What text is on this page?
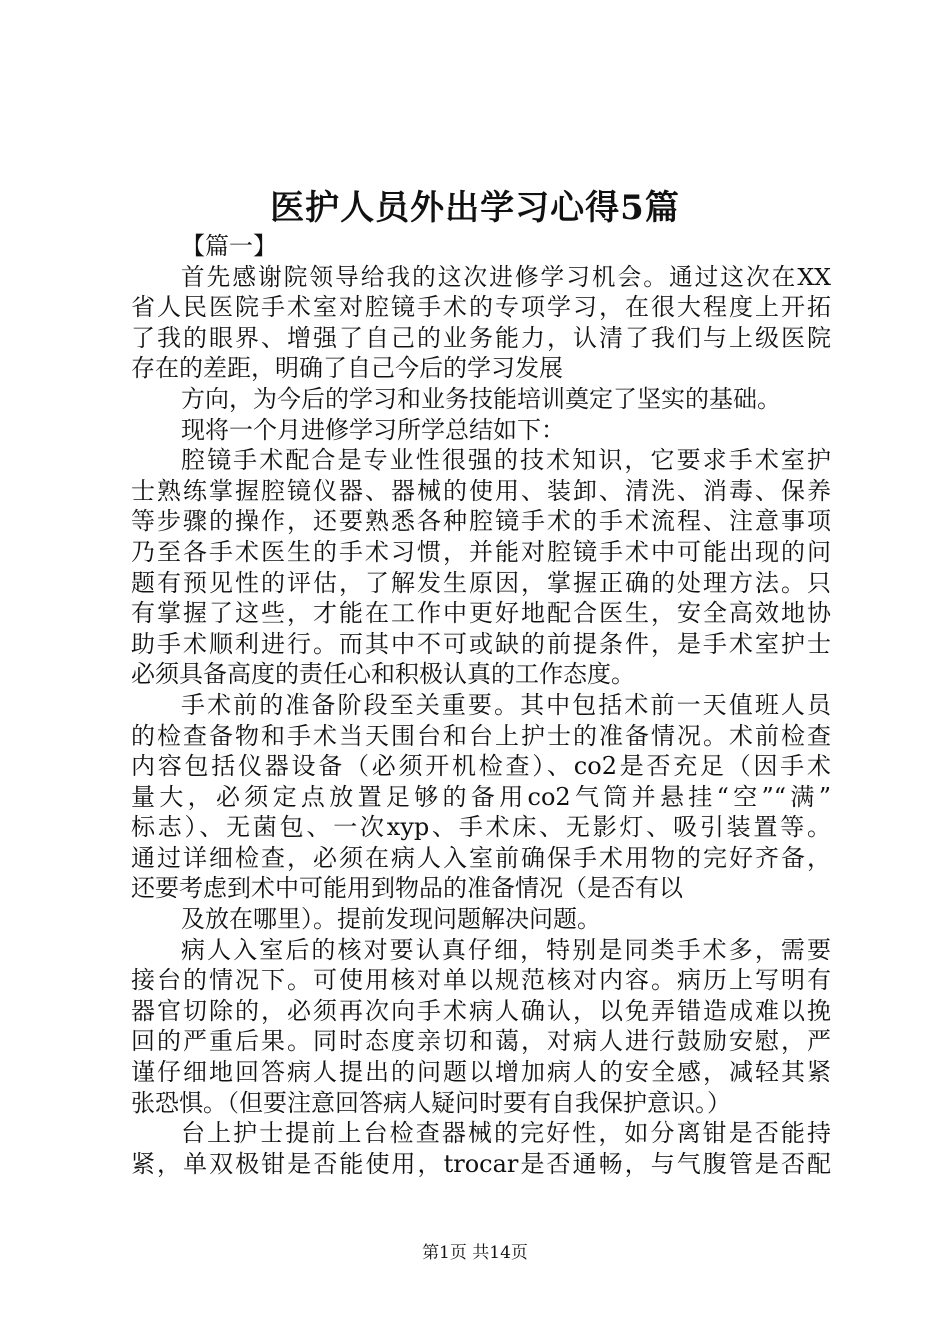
医护人员外出学习心得5篇
【篇一】
首先感谢院领导给我的这次进修学习机会。通过这次在XX
省人民医院手术室对腔镜手术的专项学习，在很大程度上开拓
了我的眼界、增强了自己的业务能力，认清了我们与上级医院
存在的差距，明确了自己今后的学习发展
方向，为今后的学习和业务技能培训奠定了坚实的基础。
现将一个月进修学习所学总结如下：
腔镜手术配合是专业性很强的技术知识，它要求手术室护
士熟练掌握腔镜仪器、器械的使用、装卸、清洗、消毒、保养
等步骤的操作，还要熟悉各种腔镜手术的手术流程、注意事项
乃至各手术医生的手术习惯，并能对腔镜手术中可能出现的问
题有预见性的评估，了解发生原因，掌握正确的处理方法。只
有掌握了这些，才能在工作中更好地配合医生，安全高效地协
助手术顺利进行。而其中不可或缺的前提条件，是手术室护士
必须具备高度的责任心和积极认真的工作态度。
手术前的准备阶段至关重要。其中包括术前一天值班人员
的检查备物和手术当天围台和台上护士的准备情况。术前检查
内容包括仪器设备（必须开机检查）、co2是否充足（因手术
量大，必须定点放置足够的备用co2气筒并悬挂“空”“满”
标志）、无菌包、一次xyp、手术床、无影灯、吸引装置等。
通过详细检查，必须在病人入室前确保手术用物的完好齐备，
还要考虑到术中可能用到物品的准备情况（是否有以
及放在哪里）。提前发现问题解决问题。
病人入室后的核对要认真仔细，特别是同类手术多，需要
接台的情况下。可使用核对单以规范核对内容。病历上写明有
器官切除的，必须再次向手术病人确认，以免弄错造成难以挽
回的严重后果。同时态度亲切和蔼，对病人进行鼓励安慰，严
谨仔细地回答病人提出的问题以增加病人的安全感，减轻其紧
张恐惧。（但要注意回答病人疑问时要有自我保护意识。）
台上护士提前上台检查器械的完好性，如分离钳是否能持
紧，单双极钳是否能使用，trocar是否通畅，与气腹管是否配
第1页 共14页
